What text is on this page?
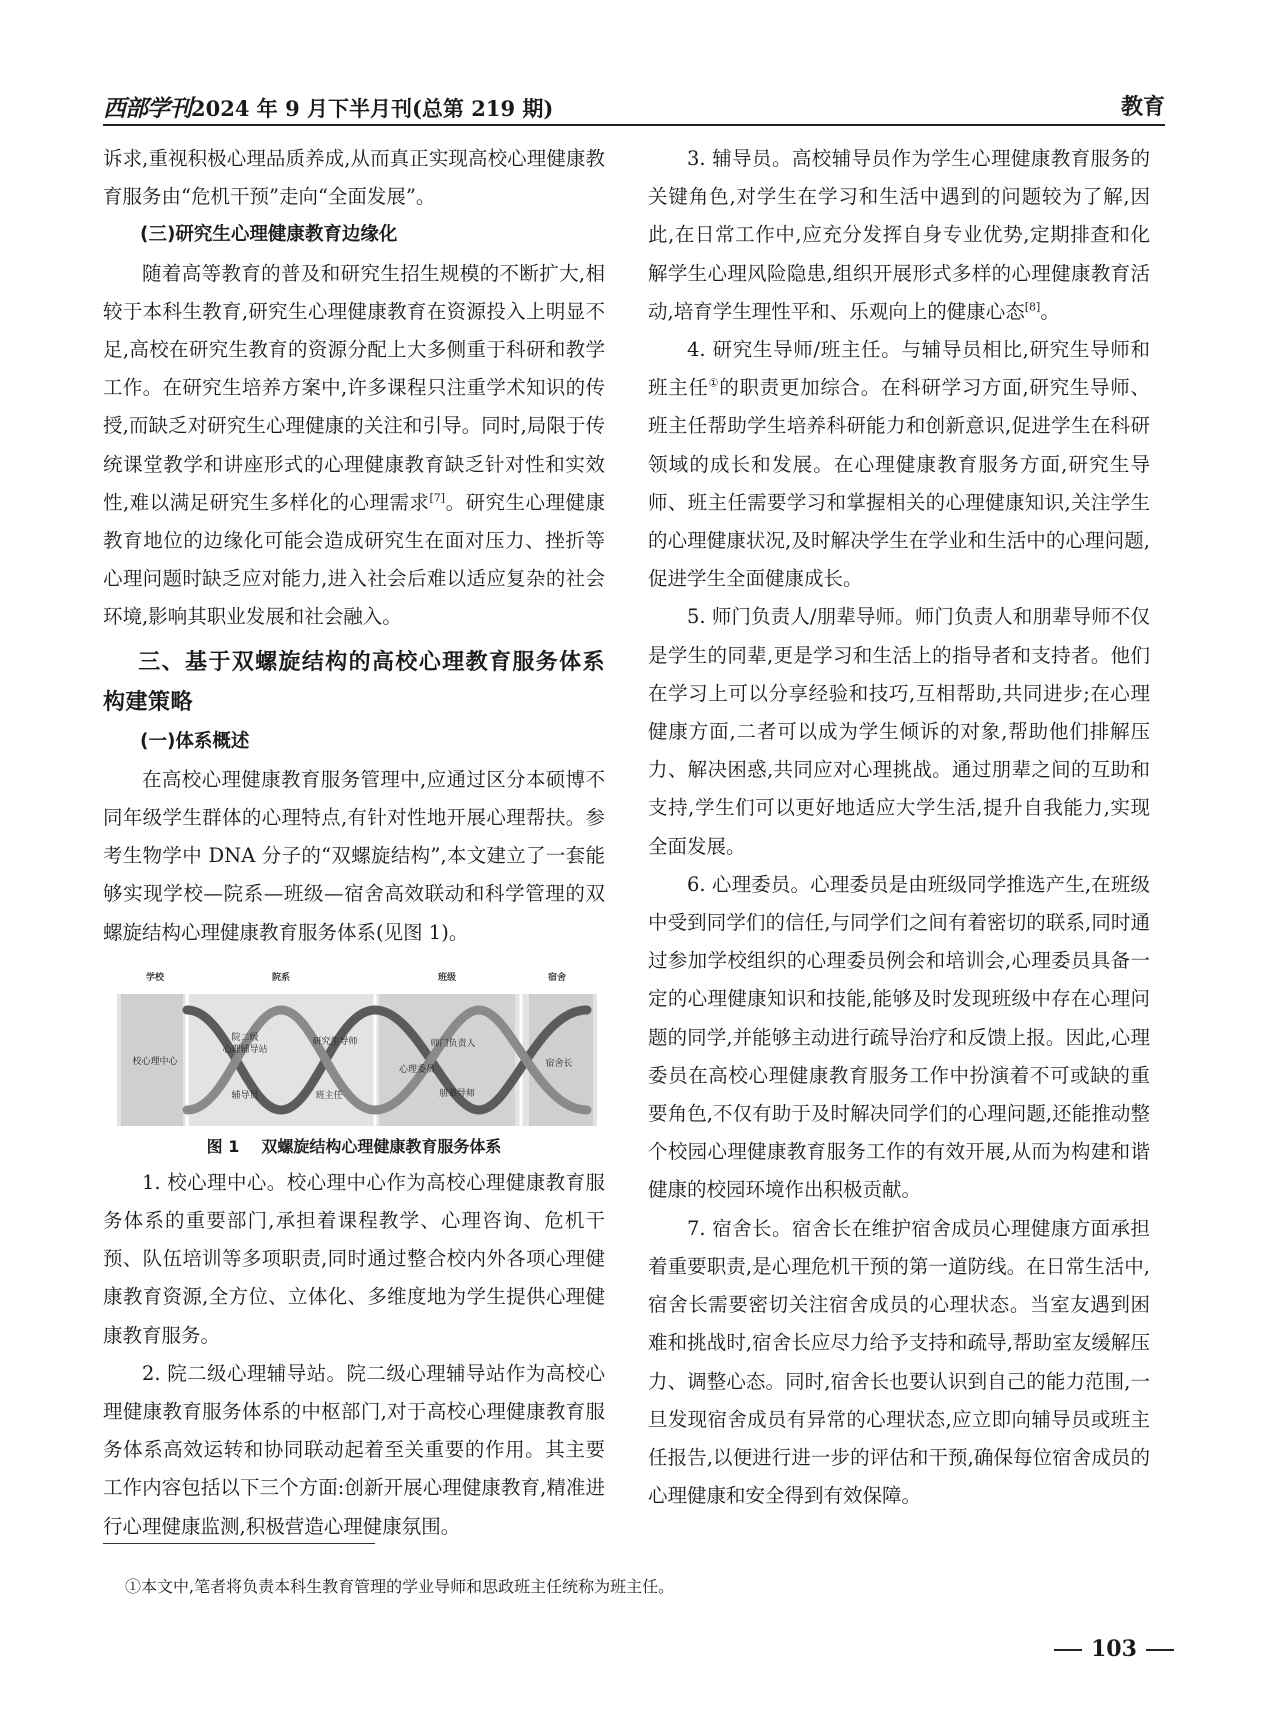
西部学刊2024 年 9 月下半月刊(总第 219 期)	教育

诉求,重视积极心理品质养成,从而真正实现高校心理健康教育服务由“危机干预”走向“全面发展”。

(三)研究生心理健康教育边缘化

随着高等教育的普及和研究生招生规模的不断扩大,相较于本科生教育,研究生心理健康教育在资源投入上明显不足,高校在研究生教育的资源分配上大多侧重于科研和教学工作。在研究生培养方案中,许多课程只注重学术知识的传授,而缺乏对研究生心理健康的关注和引导。同时,局限于传统课堂教学和讲座形式的心理健康教育缺乏针对性和实效性,难以满足研究生多样化的心理需求[7]。研究生心理健康教育地位的边缘化可能会造成研究生在面对压力、挫折等心理问题时缺乏应对能力,进入社会后难以适应复杂的社会环境,影响其职业发展和社会融入。

三、基于双螺旋结构的高校心理教育服务体系构建策略
(一)体系概述

在高校心理健康教育服务管理中,应通过区分本硕博不同年级学生群体的心理特点,有针对性地开展心理帮扶。参考生物学中 DNA 分子的“双螺旋结构”,本文建立了一套能够实现学校—院系—班级—宿舍高效联动和科学管理的双螺旋结构心理健康教育服务体系(见图 1)。

学校	院系	班级	宿舍
校心理中心
院二级
心理辅导站
辅导员
研究生导师
班主任
师门负责人
心理委员
朋辈导师
宿舍长
图 1 双螺旋结构心理健康教育服务体系

1. 校心理中心。校心理中心作为高校心理健康教育服务体系的重要部门,承担着课程教学、心理咨询、危机干预、队伍培训等多项职责,同时通过整合校内外各项心理健康教育资源,全方位、立体化、多维度地为学生提供心理健康教育服务。

2. 院二级心理辅导站。院二级心理辅导站作为高校心理健康教育服务体系的中枢部门,对于高校心理健康教育服务体系高效运转和协同联动起着至关重要的作用。其主要工作内容包括以下三个方面:创新开展心理健康教育,精准进行心理健康监测,积极营造心理健康氛围。

3. 辅导员。高校辅导员作为学生心理健康教育服务的关键角色,对学生在学习和生活中遇到的问题较为了解,因此,在日常工作中,应充分发挥自身专业优势,定期排查和化解学生心理风险隐患,组织开展形式多样的心理健康教育活动,培育学生理性平和、乐观向上的健康心态[8]。

4. 研究生导师/班主任。与辅导员相比,研究生导师和班主任①的职责更加综合。在科研学习方面,研究生导师、班主任帮助学生培养科研能力和创新意识,促进学生在科研领域的成长和发展。在心理健康教育服务方面,研究生导师、班主任需要学习和掌握相关的心理健康知识,关注学生的心理健康状况,及时解决学生在学业和生活中的心理问题,促进学生全面健康成长。

5. 师门负责人/朋辈导师。师门负责人和朋辈导师不仅是学生的同辈,更是学习和生活上的指导者和支持者。他们在学习上可以分享经验和技巧,互相帮助,共同进步;在心理健康方面,二者可以成为学生倾诉的对象,帮助他们排解压力、解决困惑,共同应对心理挑战。通过朋辈之间的互助和支持,学生们可以更好地适应大学生活,提升自我能力,实现全面发展。

6. 心理委员。心理委员是由班级同学推选产生,在班级中受到同学们的信任,与同学们之间有着密切的联系,同时通过参加学校组织的心理委员例会和培训会,心理委员具备一定的心理健康知识和技能,能够及时发现班级中存在心理问题的同学,并能够主动进行疏导治疗和反馈上报。因此,心理委员在高校心理健康教育服务工作中扮演着不可或缺的重要角色,不仅有助于及时解决同学们的心理问题,还能推动整个校园心理健康教育服务工作的有效开展,从而为构建和谐健康的校园环境作出积极贡献。

7. 宿舍长。宿舍长在维护宿舍成员心理健康方面承担着重要职责,是心理危机干预的第一道防线。在日常生活中,宿舍长需要密切关注宿舍成员的心理状态。当室友遇到困难和挑战时,宿舍长应尽力给予支持和疏导,帮助室友缓解压力、调整心态。同时,宿舍长也要认识到自己的能力范围,一旦发现宿舍成员有异常的心理状态,应立即向辅导员或班主任报告,以便进行进一步的评估和干预,确保每位宿舍成员的心理健康和安全得到有效保障。

①本文中,笔者将负责本科生教育管理的学业导师和思政班主任统称为班主任。
103
